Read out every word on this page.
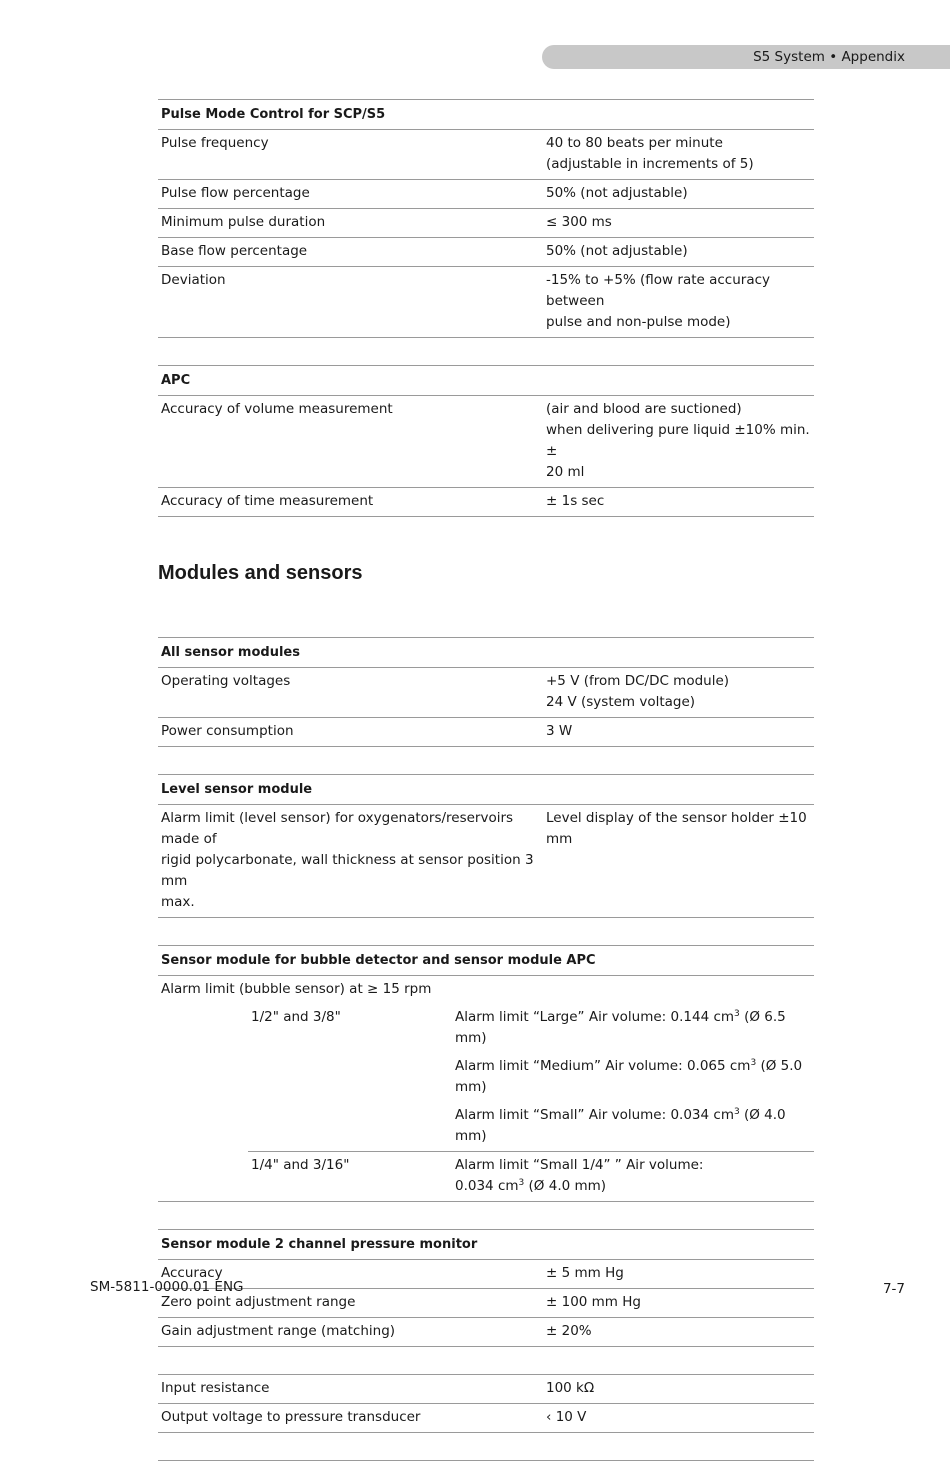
S5 System • Appendix
Pulse Mode Control for SCP/S5	
Pulse frequency	40 to 80 beats per minute
(adjustable in increments of 5)

Pulse flow percentage	50% (not adjustable)
Minimum pulse duration	≤ 300 ms
Base flow percentage	50% (not adjustable)
Deviation	-15% to +5% (flow rate accuracy between
pulse and non-pulse mode)
APC	
Accuracy of volume measurement	(air and blood are suctioned)
when delivering pure liquid ±10% min. ±
20 ml

Accuracy of time measurement	± 1s sec
Modules and sensors
All sensor modules	
Operating voltages	+5 V (from DC/DC module)
24 V (system voltage)

Power consumption	3 W
Level sensor module

Alarm limit (level sensor) for oxygenators/reservoirs made of
rigid polycarbonate, wall thickness at sensor position 3 mm
max.
	Level display of the sensor holder ±10 mm
Sensor module for bubble detector and sensor module APC		
Alarm limit (bubble sensor) at ≥ 15 rpm		
	1/2" and 3/8"	Alarm limit “Large” Air volume: 0.144 $cm^3$ (Ø 6.5 mm)
		Alarm limit “Medium” Air volume: 0.065 $cm^3$ (Ø 5.0 mm)
		Alarm limit “Small” Air volume: 0.034 $cm^3$ (Ø 4.0 mm)
	1/4" and 3/16"	Alarm limit “Small 1/4” ” Air volume:
0.034 $cm^3$ (Ø 4.0 mm)
Sensor module 2 channel pressure monitor	
Accuracy	± 5 mm Hg
Zero point adjustment range	± 100 mm Hg
Gain adjustment range (matching)	± 20%
Input resistance	100 kΩ
Output voltage to pressure transducer	‹ 10 V
SM-5811-0000.01 ENG	7-7
